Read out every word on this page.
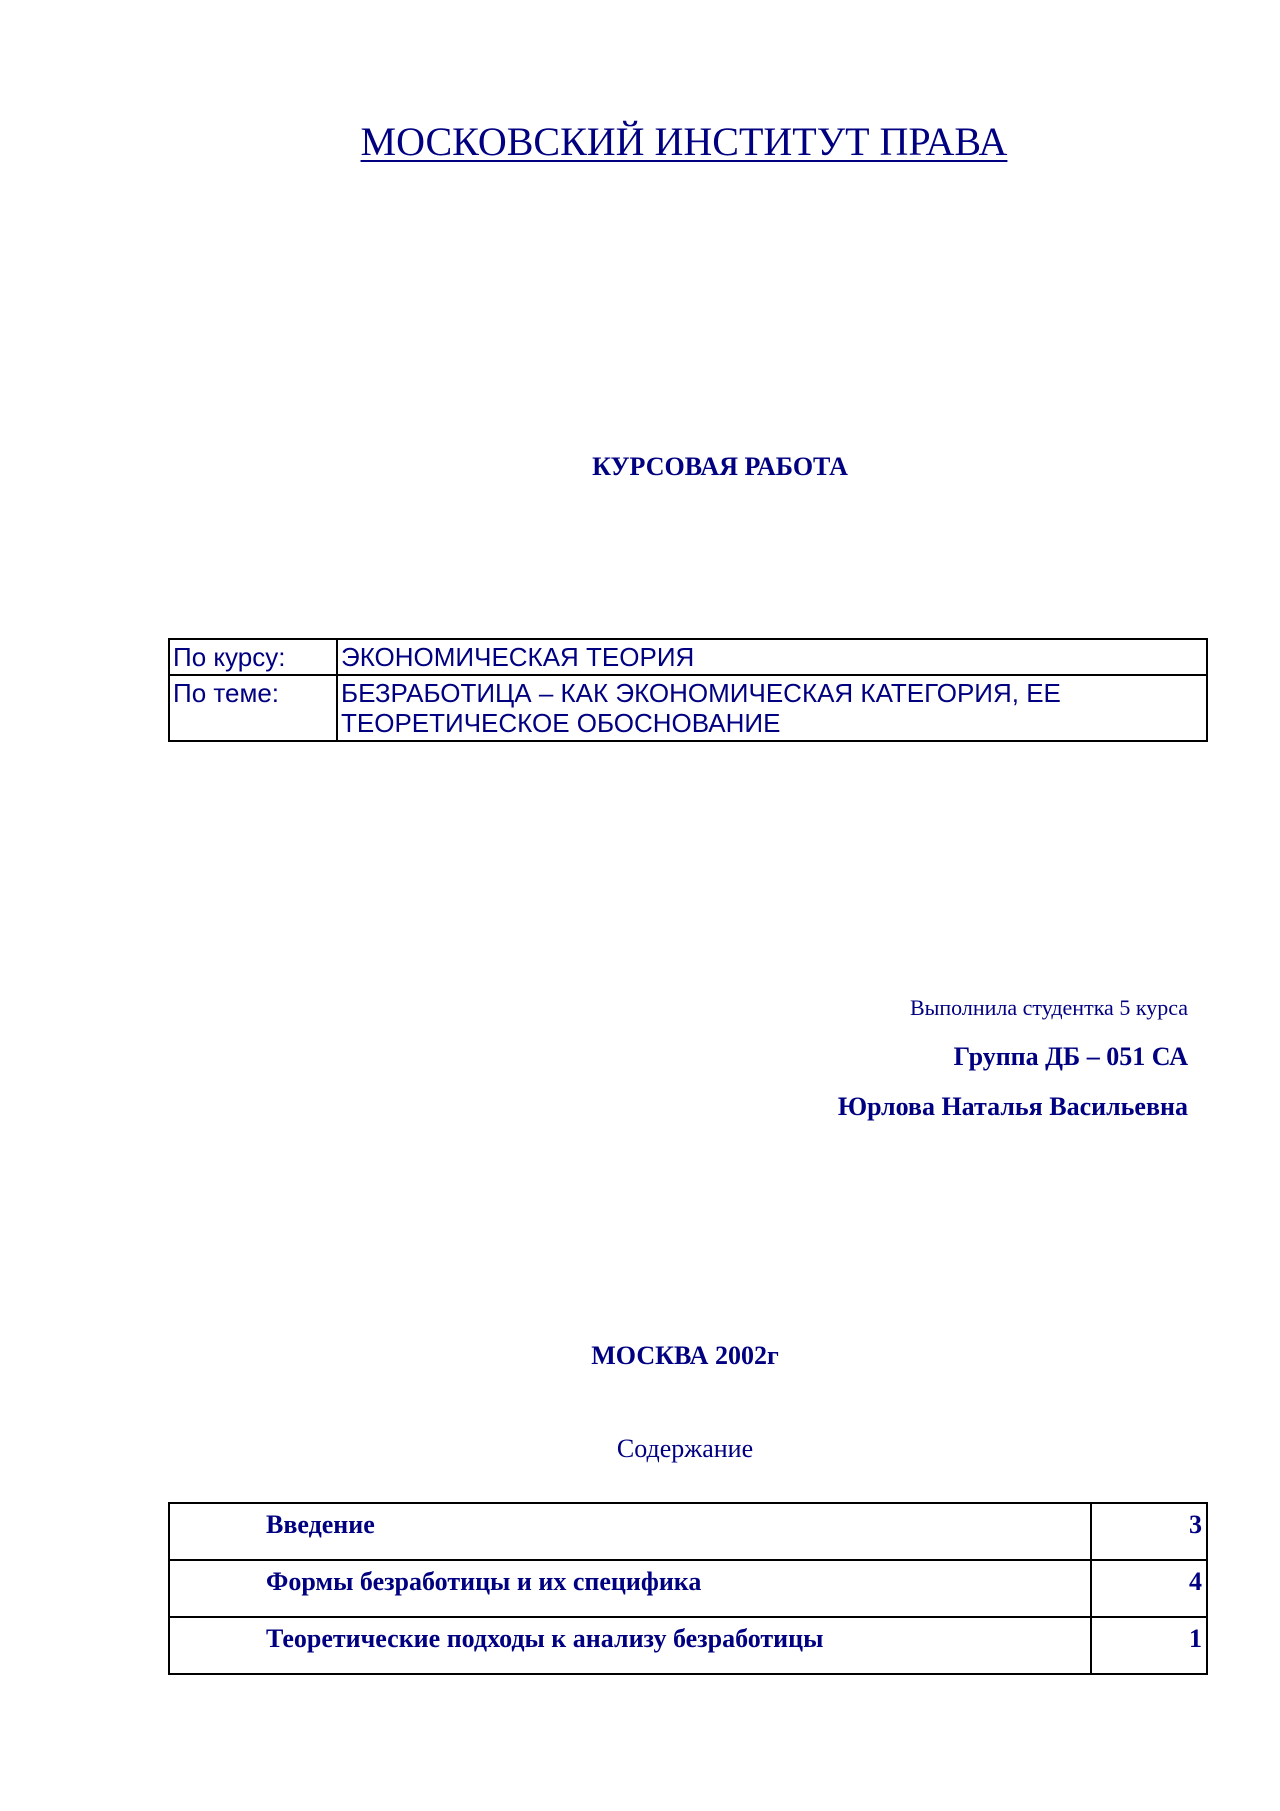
МОСКОВСКИЙ ИНСТИТУТ ПРАВА
КУРСОВАЯ РАБОТА
По курсу:	ЭКОНОМИЧЕСКАЯ ТЕОРИЯ
По теме:	БЕЗРАБОТИЦА – КАК ЭКОНОМИЧЕСКАЯ КАТЕГОРИЯ, ЕЕ ТЕОРЕТИЧЕСКОЕ ОБОСНОВАНИЕ
Выполнила студентка 5 курса
Группа ДБ – 051 СА
Юрлова Наталья Васильевна
МОСКВА 2002г
Содержание
Введение	3
Формы безработицы и их специфика	4
Теоретические подходы к анализу безработицы	1
